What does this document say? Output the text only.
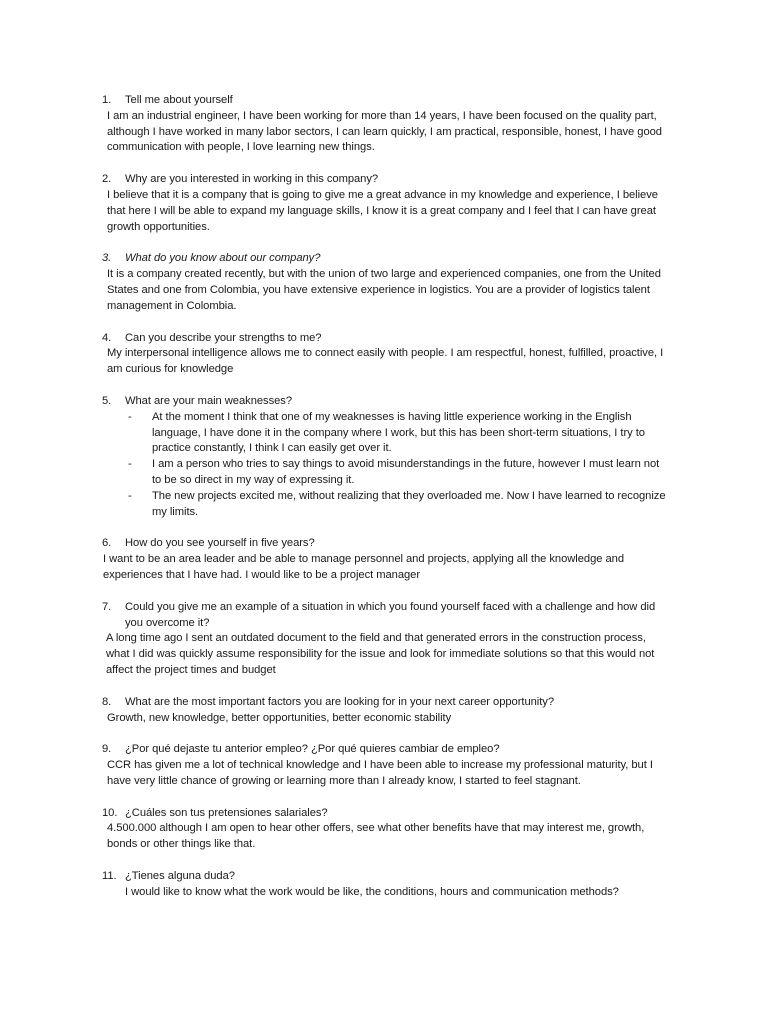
1. Tell me about yourself
I am an industrial engineer, I have been working for more than 14 years, I have been focused on the quality part, although I have worked in many labor sectors, I can learn quickly, I am practical, responsible, honest, I have good communication with people, I love learning new things.
2. Why are you interested in working in this company?
I believe that it is a company that is going to give me a great advance in my knowledge and experience, I believe that here I will be able to expand my language skills, I know it is a great company and I feel that I can have great growth opportunities.
3. What do you know about our company?
It is a company created recently, but with the union of two large and experienced companies, one from the United States and one from Colombia, you have extensive experience in logistics. You are a provider of logistics talent management in Colombia.
4. Can you describe your strengths to me?
My interpersonal intelligence allows me to connect easily with people. I am respectful, honest, fulfilled, proactive, I am curious for knowledge
5. What are your main weaknesses?
- At the moment I think that one of my weaknesses is having little experience working in the English language, I have done it in the company where I work, but this has been short-term situations, I try to practice constantly, I think I can easily get over it.
- I am a person who tries to say things to avoid misunderstandings in the future, however I must learn not to be so direct in my way of expressing it.
- The new projects excited me, without realizing that they overloaded me. Now I have learned to recognize my limits.
6. How do you see yourself in five years?
I want to be an area leader and be able to manage personnel and projects, applying all the knowledge and experiences that I have had. I would like to be a project manager
7. Could you give me an example of a situation in which you found yourself faced with a challenge and how did you overcome it?
A long time ago I sent an outdated document to the field and that generated errors in the construction process, what I did was quickly assume responsibility for the issue and look for immediate solutions so that this would not affect the project times and budget
8. What are the most important factors you are looking for in your next career opportunity?
Growth, new knowledge, better opportunities, better economic stability
9. ¿Por qué dejaste tu anterior empleo? ¿Por qué quieres cambiar de empleo?
CCR has given me a lot of technical knowledge and I have been able to increase my professional maturity, but I have very little chance of growing or learning more than I already know, I started to feel stagnant.
10. ¿Cuáles son tus pretensiones salariales?
4.500.000 although I am open to hear other offers, see what other benefits have that may interest me, growth, bonds or other things like that.
11. ¿Tienes alguna duda?
I would like to know what the work would be like, the conditions, hours and communication methods?
